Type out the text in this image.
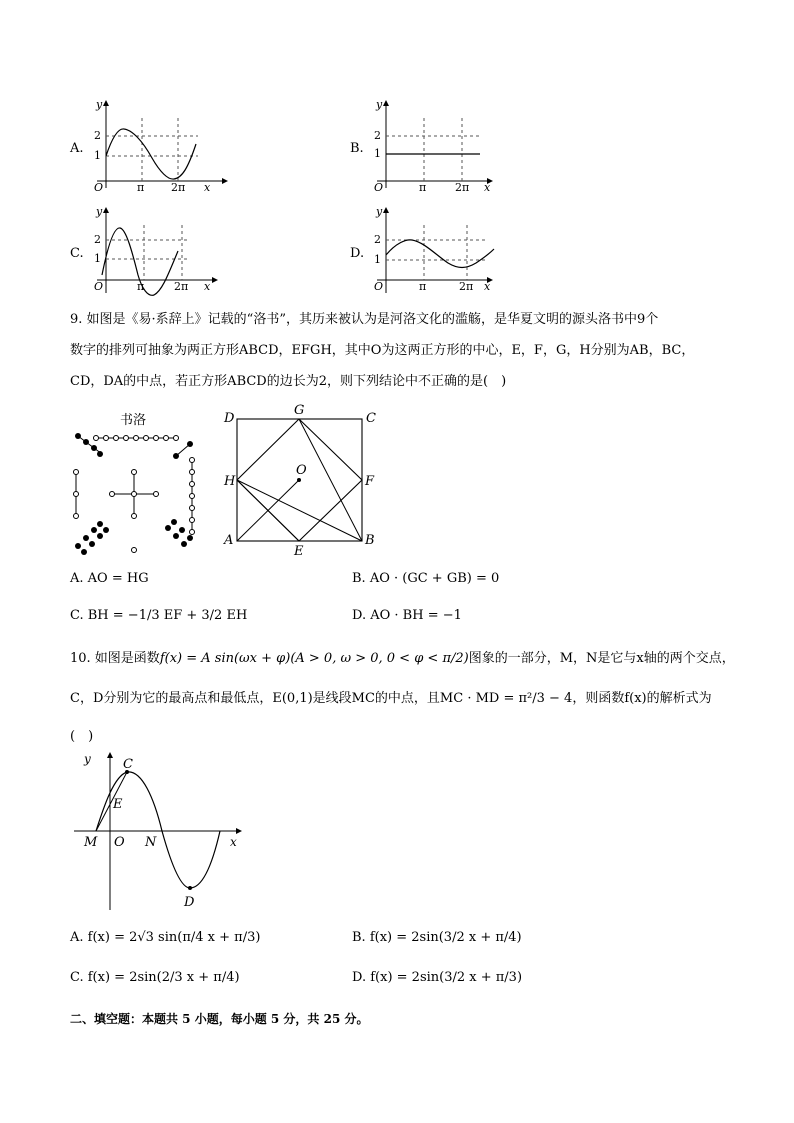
A.
2
1
π 2π
O	x
y
B.
2
1
π	2π
O	x
y
C.
2
1
π	2π
O	x
y
D.
2
1
π	2π
O	x
y
9. 如图是《易·系辞上》记载的“洛书”，其历来被认为是河洛文化的滥觞，是华夏文明的源头洛书中9个
数字的排列可抽象为两正方形ABCD，EFGH，其中O为这两正方形的中心，E，F，G，H分别为AB，BC，
CD，DA的中点，若正方形ABCD的边长为2，则下列结论中不正确的是(　)
书洛	D
G
C
H
O
F
A
E
B
A. AO = HG	B. AO · (GC + GB) = 0
C. BH = −1/3 EF + 3/2 EH	D. AO · BH = −1
10. 如图是函数f(x) = A sin(ωx + φ)(A > 0, ω > 0, 0 < φ < π/2)图象的一部分，M，N是它与x轴的两个交点，
C，D分别为它的最高点和最低点，E(0,1)是线段MC的中点，且MC · MD = π²/3 − 4，则函数f(x)的解析式为
(　)
y C
E
M O N
D
x
A. f(x) = 2√3 sin(π/4 x + π/3)	B. f(x) = 2sin(3/2 x + π/4)
C. f(x) = 2sin(2/3 x + π/4)	D. f(x) = 2sin(3/2 x + π/3)
二、填空题：本题共 5 小题，每小题 5 分，共 25 分。
